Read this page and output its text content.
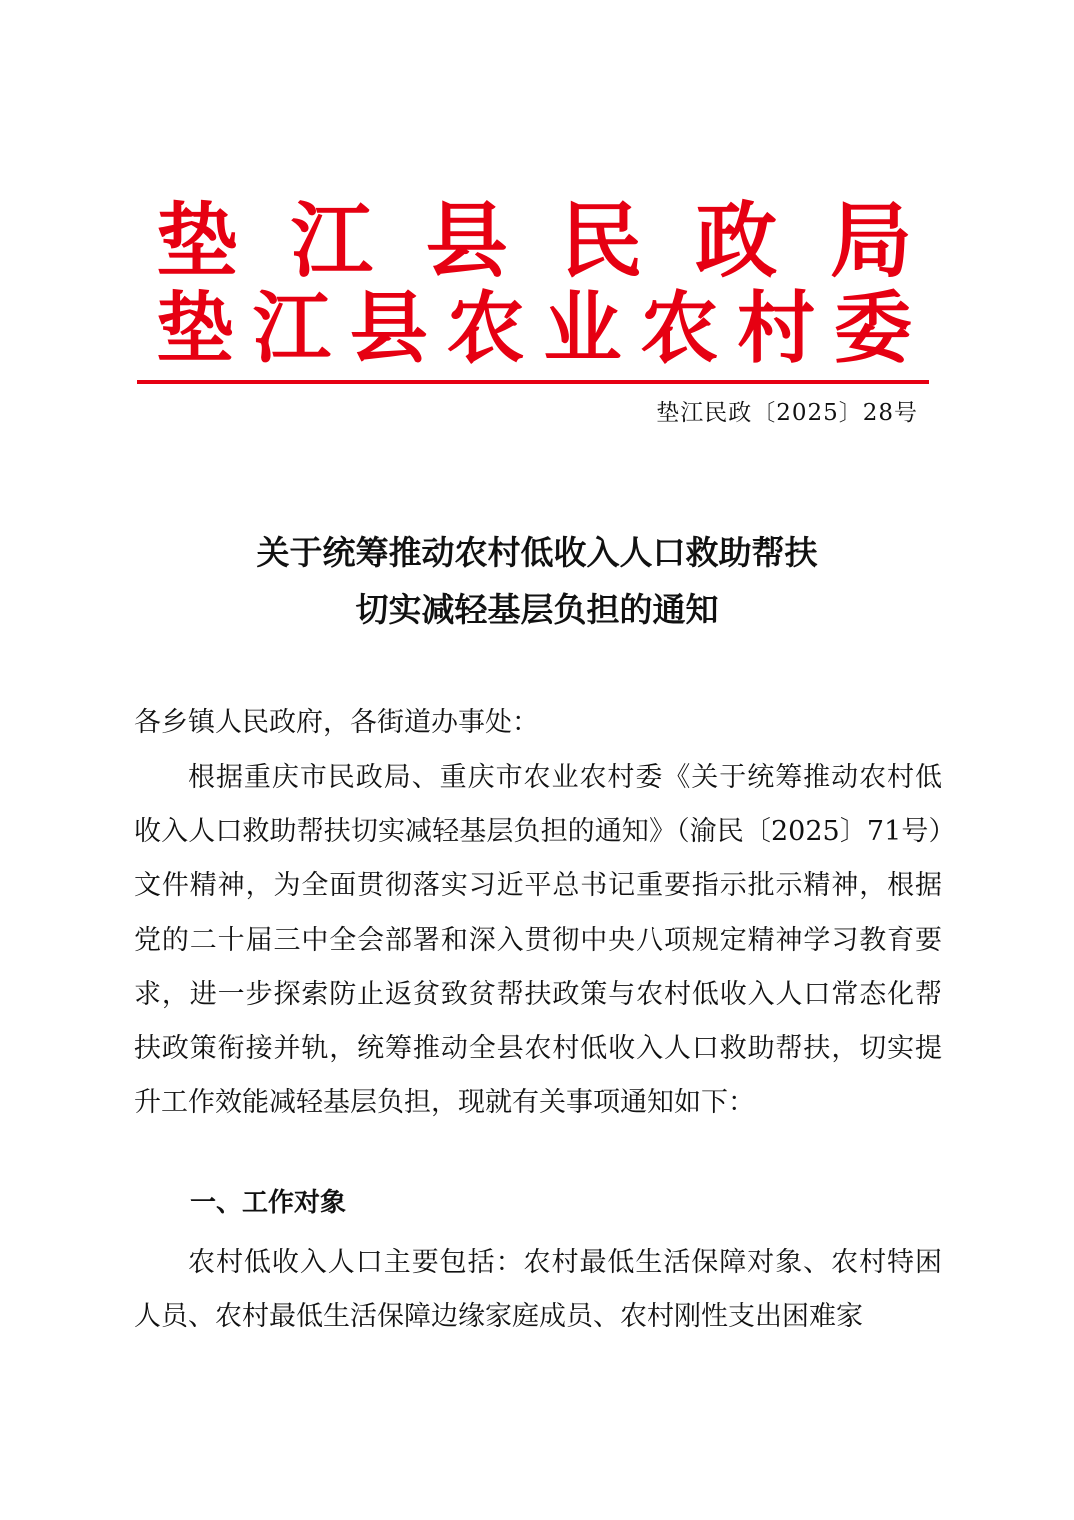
垫 江 县 民 政 局
垫 江 县 农 业 农 村 委
垫江民政〔2025〕28号
关于统筹推动农村低收入人口救助帮扶
切实减轻基层负担的通知
各乡镇人民政府，各街道办事处：

根据重庆市民政局、重庆市农业农村委《关于统筹推动农村低收入人口救助帮扶切实减轻基层负担的通知》（渝民〔2025〕71号）文件精神，为全面贯彻落实习近平总书记重要指示批示精神，根据党的二十届三中全会部署和深入贯彻中央八项规定精神学习教育要求，进一步探索防止返贫致贫帮扶政策与农村低收入人口常态化帮扶政策衔接并轨，统筹推动全县农村低收入人口救助帮扶，切实提升工作效能减轻基层负担，现就有关事项通知如下：

一、工作对象

农村低收入人口主要包括：农村最低生活保障对象、农村特困人员、农村最低生活保障边缘家庭成员、农村刚性支出困难家
